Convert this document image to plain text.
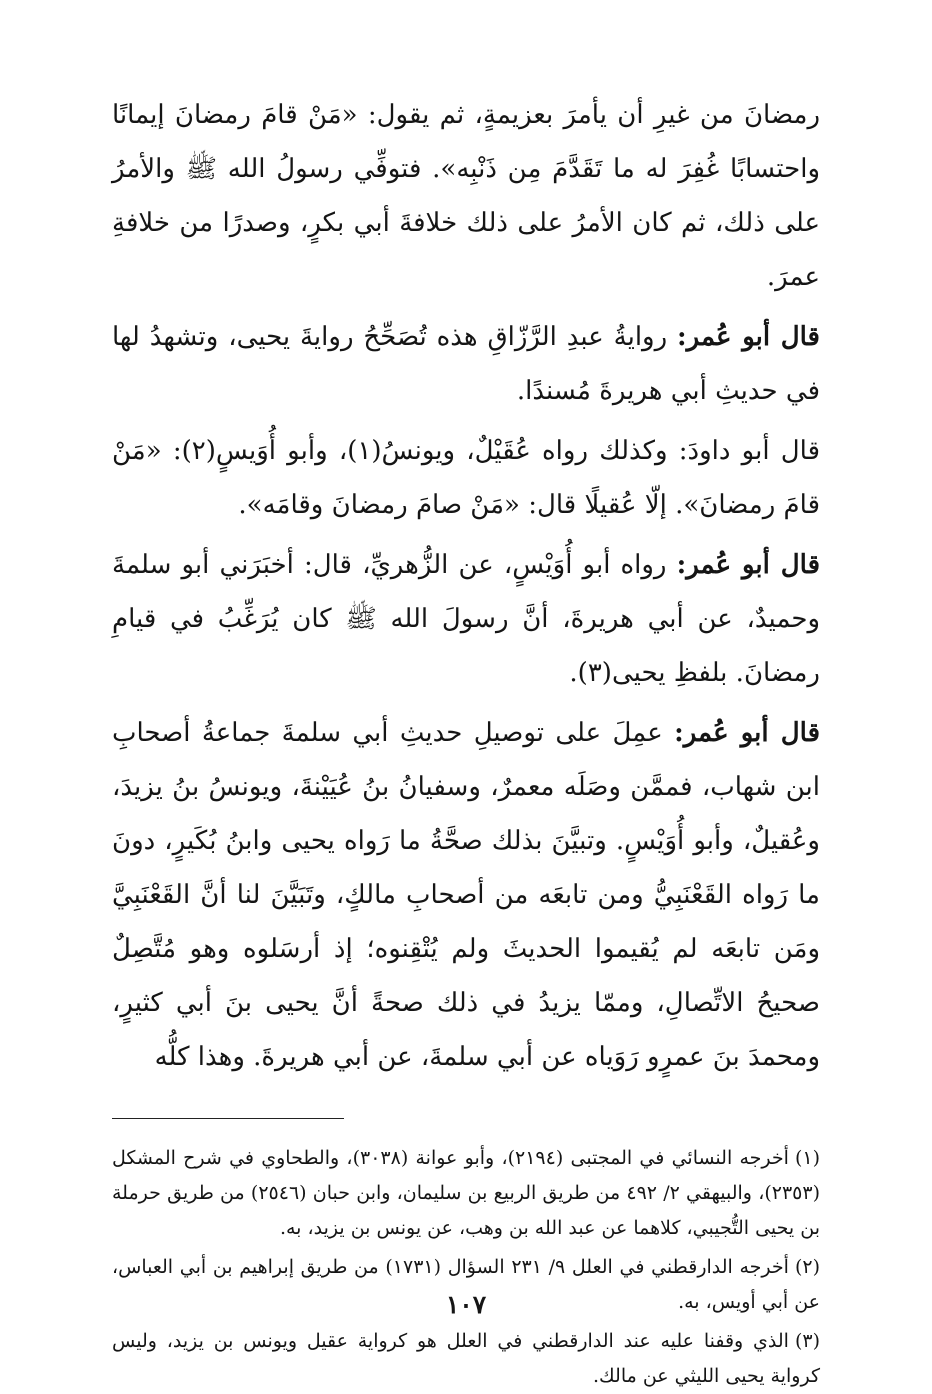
رمضانَ من غيرِ أن يأمرَ بعزيمةٍ، ثم يقول: «مَنْ قامَ رمضانَ إيمانًا واحتسابًا غُفِرَ له ما تَقَدَّمَ مِن ذَنْبِه». فتوفِّي رسولُ الله ﷺ والأمرُ على ذلك، ثم كان الأمرُ على ذلك خلافةَ أبي بكرٍ، وصدرًا من خلافةِ عمرَ.

قال أبو عُمر: روايةُ عبدِ الرَّزّاقِ هذه تُصَحِّحُ روايةَ يحيى، وتشهدُ لها في حديثِ أبي هريرةَ مُسندًا.

قال أبو داودَ: وكذلك رواه عُقَيْلٌ، ويونسُ(١)، وأبو أُوَيسٍ(٢): «مَنْ قامَ رمضانَ». إلّا عُقيلًا قال: «مَنْ صامَ رمضانَ وقامَه».

قال أبو عُمر: رواه أبو أُوَيْسٍ، عن الزُّهريِّ، قال: أخبَرَني أبو سلمةَ وحميدٌ، عن أبي هريرةَ، أنَّ رسولَ الله ﷺ كان يُرَغِّبُ في قيامِ رمضانَ. بلفظِ يحيى(٣).

قال أبو عُمر: عمِلَ على توصيلِ حديثِ أبي سلمةَ جماعةُ أصحابِ ابن شهاب، فممَّن وصَلَه معمرٌ، وسفيانُ بنُ عُيَيْنةَ، ويونسُ بنُ يزيدَ، وعُقيلٌ، وأبو أُوَيْسٍ. وتبيَّنَ بذلك صحَّةُ ما رَواه يحيى وابنُ بُكَيرٍ، دونَ ما رَواه القَعْنَبِيُّ ومن تابعَه من أصحابِ مالكٍ، وتَبَيَّنَ لنا أنَّ القَعْنَبِيَّ ومَن تابعَه لم يُقيموا الحديثَ ولم يُتْقِنوه؛ إذ أرسَلوه وهو مُتَّصِلٌ صحيحُ الاتِّصالِ، وممّا يزيدُ في ذلك صحةً أنَّ يحيى بنَ أبي كثيرٍ، ومحمدَ بنَ عمرٍو رَوَياه عن أبي سلمةَ، عن أبي هريرةَ. وهذا كلُّه

(١)أخرجه النسائي في المجتبى (٢١٩٤)، وأبو عوانة (٣٠٣٨)، والطحاوي في شرح المشكل (٢٣٥٣)، والبيهقي ٢/ ٤٩٢ من طريق الربيع بن سليمان، وابن حبان (٢٥٤٦) من طريق حرملة بن يحيى التُّجيبي، كلاهما عن عبد الله بن وهب، عن يونس بن يزيد، به.

(٢)أخرجه الدارقطني في العلل ٩/ ٢٣١ السؤال (١٧٣١) من طريق إبراهيم بن أبي العباس، عن أبي أويس، به.

(٣)الذي وقفنا عليه عند الدارقطني في العلل هو كرواية عقيل ويونس بن يزيد، وليس كرواية يحيى الليثي عن مالك.

١٠٧
